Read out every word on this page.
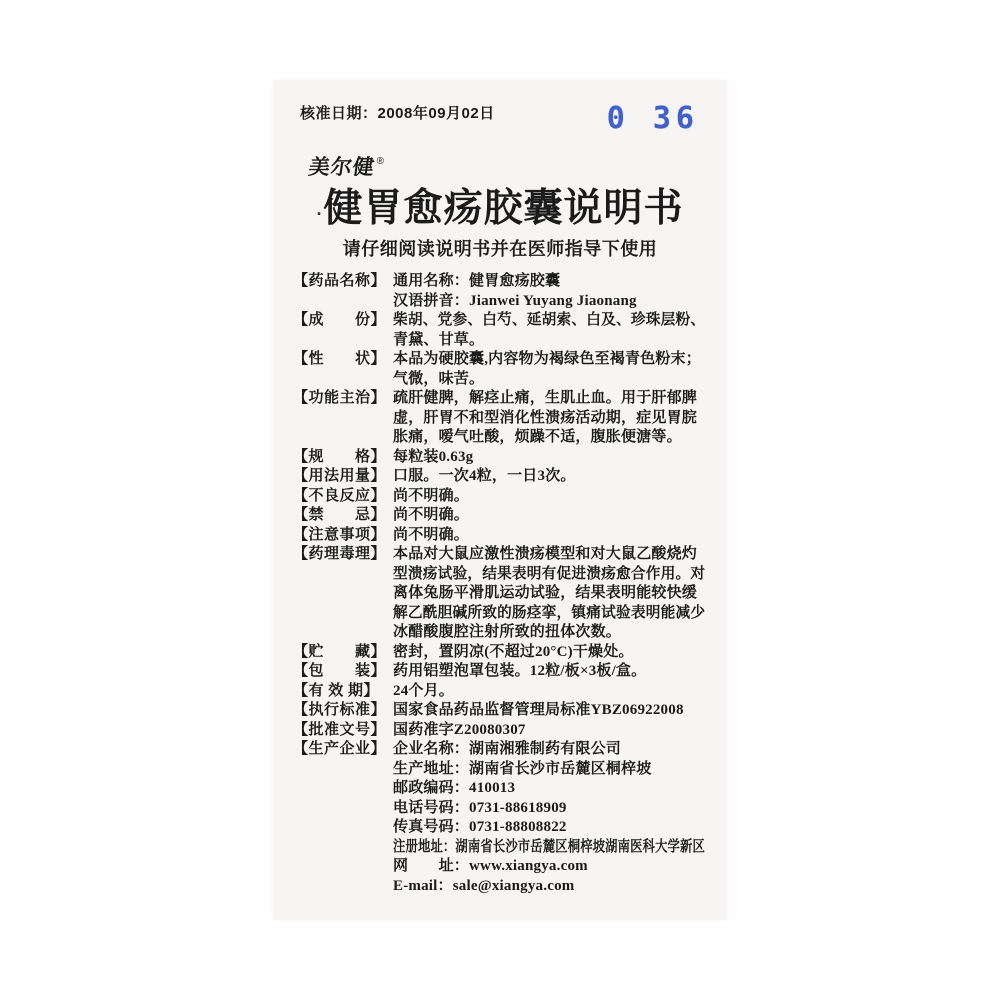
核准日期：2008年09月02日	0 36
美尔健®
.健胃愈疡胶囊说明书
请仔细阅读说明书并在医师指导下使用
【药品名称】 通用名称：健胃愈疡胶囊
汉语拼音：Jianwei Yuyang Jiaonang
【成　　份】 柴胡、党参、白芍、延胡索、白及、珍珠层粉、
青黛、甘草。
【性　　状】 本品为硬胶囊,内容物为褐绿色至褐青色粉末；
气微，味苦。
【功能主治】 疏肝健脾，解痉止痛，生肌止血。用于肝郁脾
虚，肝胃不和型消化性溃疡活动期，症见胃脘
胀痛，嗳气吐酸，烦躁不适，腹胀便溏等。
【规　　格】 每粒装0.63g
【用法用量】 口服。一次4粒，一日3次。
【不良反应】 尚不明确。
【禁　　忌】 尚不明确。
【注意事项】 尚不明确。
【药理毒理】 本品对大鼠应激性溃疡模型和对大鼠乙酸烧灼
型溃疡试验，结果表明有促进溃疡愈合作用。对
离体兔肠平滑肌运动试验，结果表明能较快缓
解乙酰胆碱所致的肠痉挛，镇痛试验表明能减少
冰醋酸腹腔注射所致的扭体次数。
【贮　　藏】 密封，置阴凉(不超过20°C)干燥处。
【包　　装】 药用铝塑泡罩包装。12粒/板×3板/盒。
【有 效 期】 24个月。
【执行标准】 国家食品药品监督管理局标准YBZ06922008
【批准文号】 国药准字Z20080307
【生产企业】 企业名称：湖南湘雅制药有限公司
生产地址：湖南省长沙市岳麓区桐梓坡
邮政编码：410013
电话号码：0731-88618909
传真号码：0731-88808822
注册地址：湖南省长沙市岳麓区桐梓坡湖南医科大学新区
网　　址：www.xiangya.com
E-mail：sale@xiangya.com
